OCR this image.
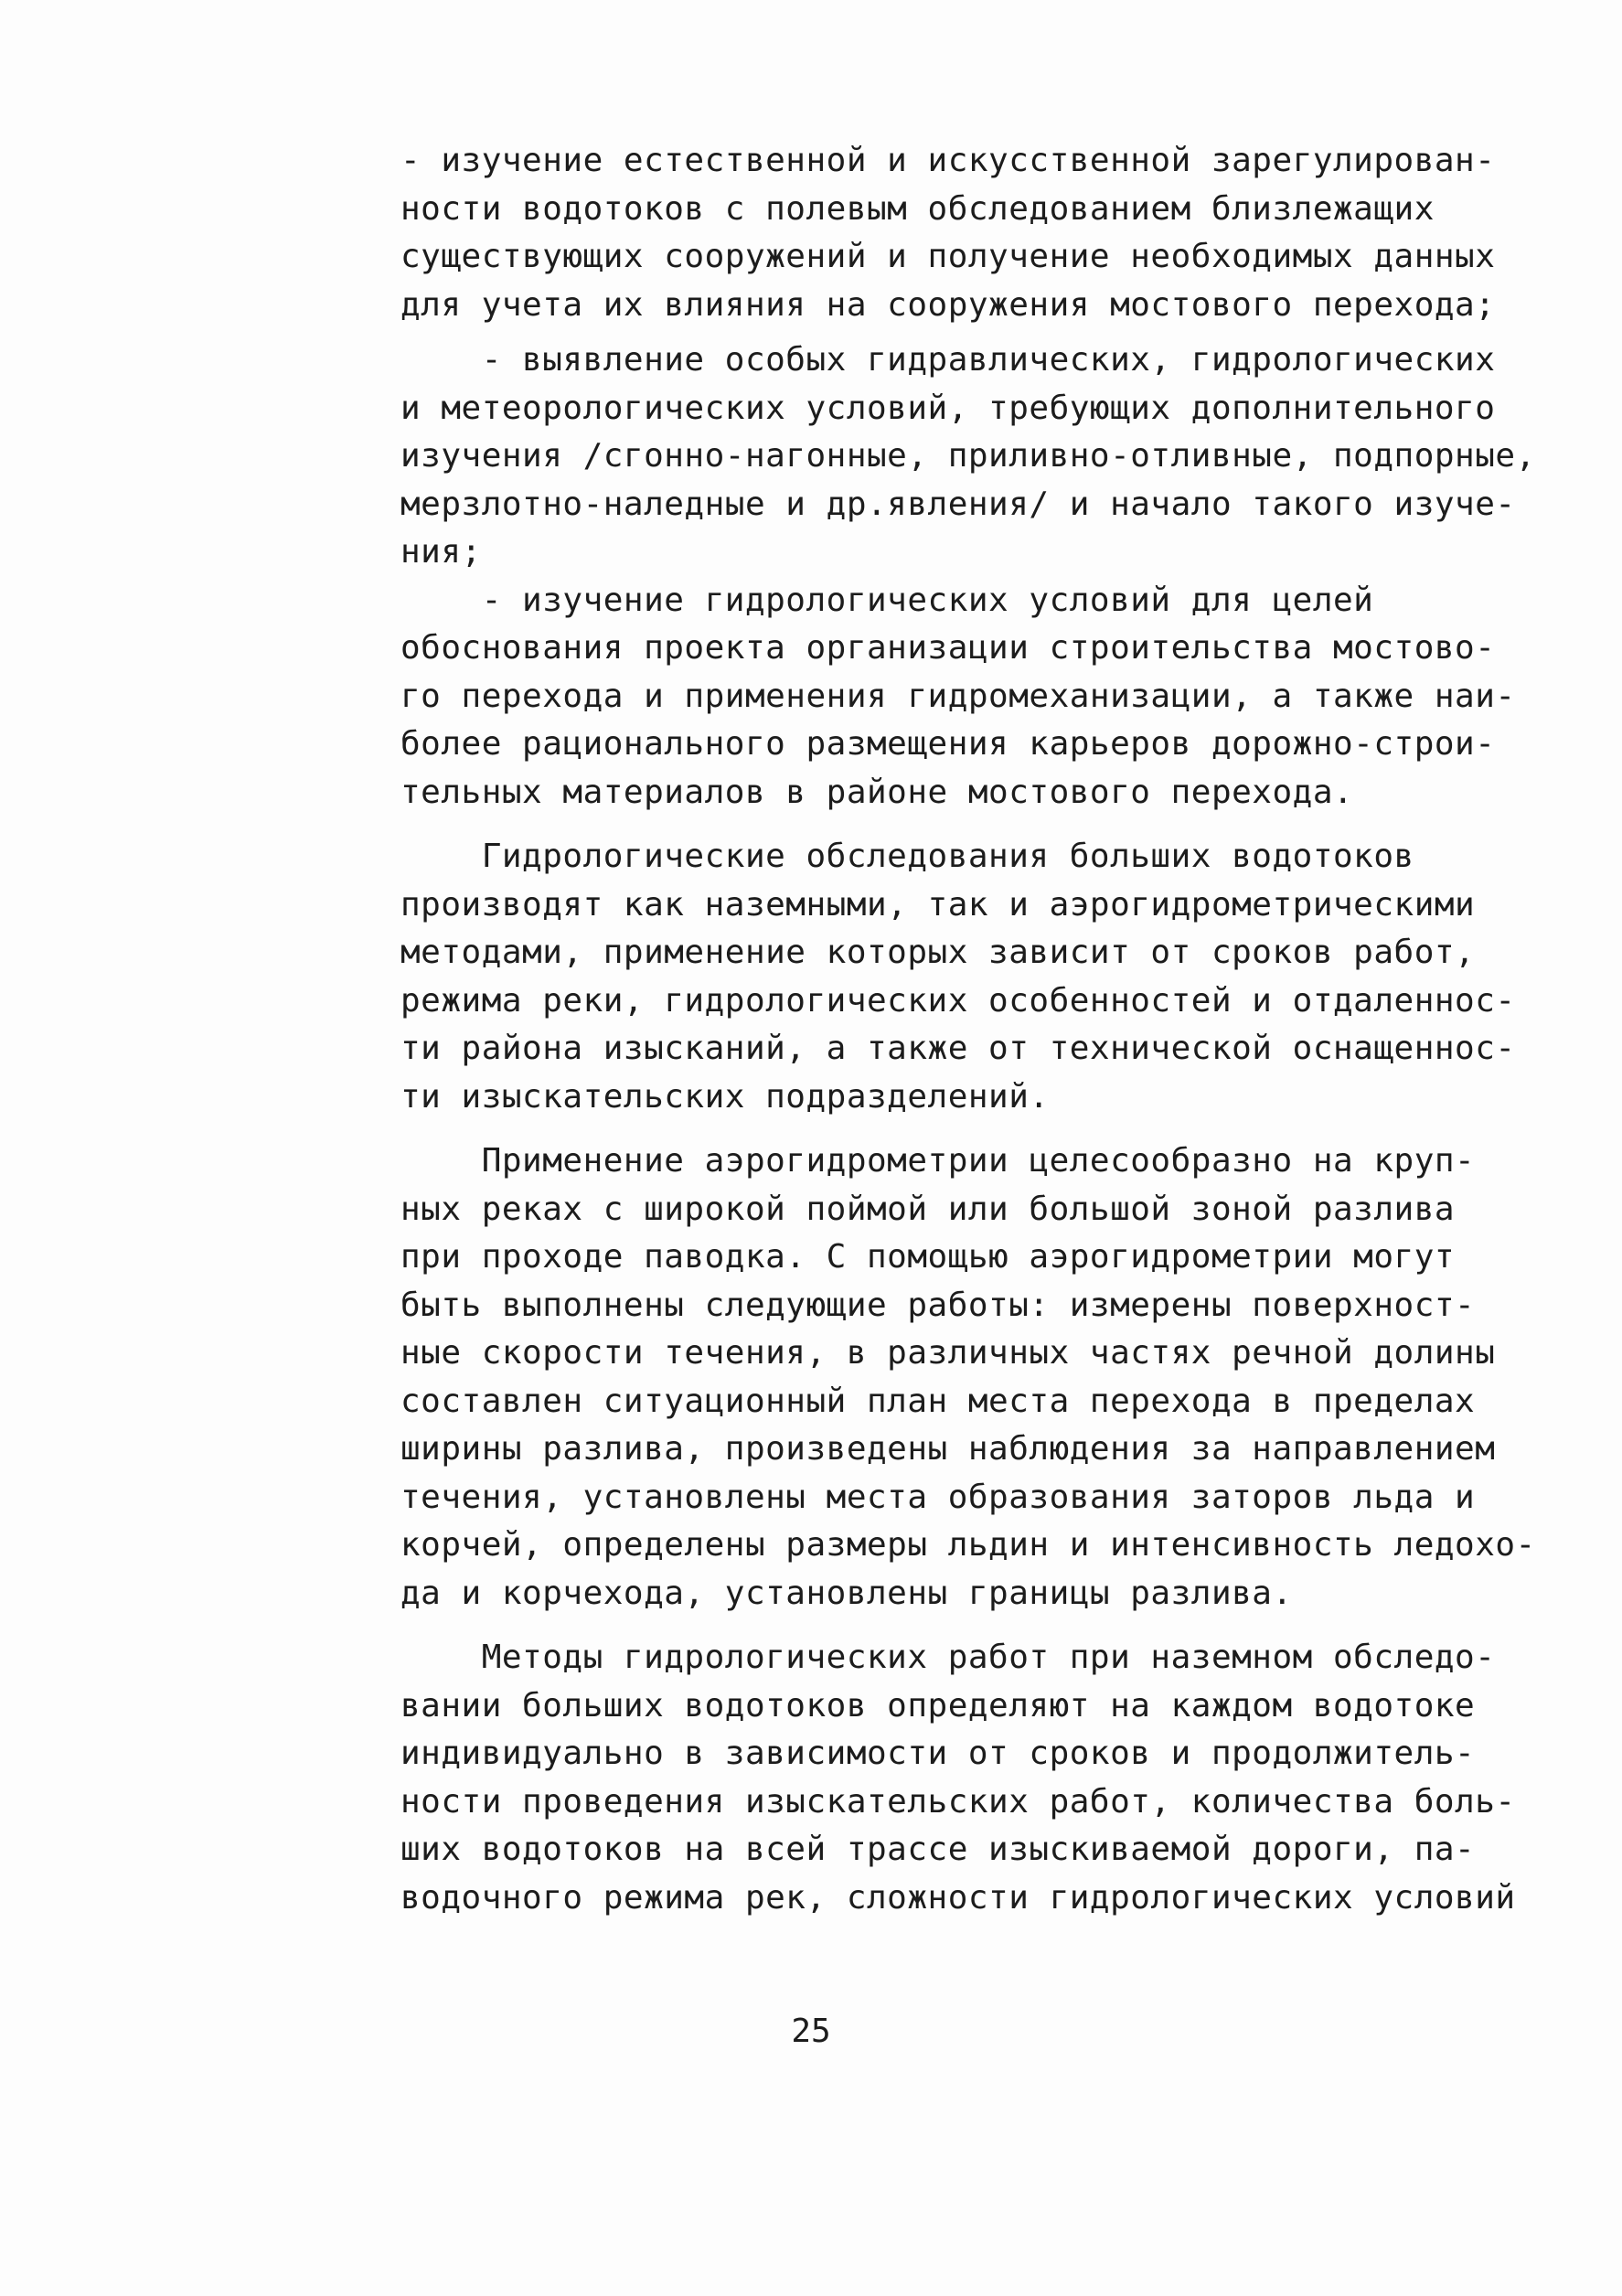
- изучение естественной и искусственной зарегулирован-
ности водотоков с полевым обследованием близлежащих
существующих сооружений и получение необходимых данных
для учета их влияния на сооружения мостового перехода;
- выявление особых гидравлических, гидрологических
и метеорологических условий, требующих дополнительного
изучения /сгонно-нагонные, приливно-отливные, подпорные,
мерзлотно-наледные и др.явления/ и начало такого изуче-
ния;
- изучение гидрологических условий для целей
обоснования проекта организации строительства мостово-
го перехода и применения гидромеханизации, а также наи-
более рационального размещения карьеров дорожно-строи-
тельных материалов в районе мостового перехода.
Гидрологические обследования больших водотоков
производят как наземными, так и аэрогидрометрическими
методами, применение которых зависит от сроков работ,
режима реки, гидрологических особенностей и отдаленнос-
ти района изысканий, а также от технической оснащеннос-
ти изыскательских подразделений.
Применение аэрогидрометрии целесообразно на круп-
ных реках с широкой поймой или большой зоной разлива
при проходе паводка. С помощью аэрогидрометрии могут
быть выполнены следующие работы: измерены поверхност-
ные скорости течения, в различных частях речной долины
составлен ситуационный план места перехода в пределах
ширины разлива, произведены наблюдения за направлением
течения, установлены места образования заторов льда и
корчей, определены размеры льдин и интенсивность ледохо-
да и корчехода, установлены границы разлива.
Методы гидрологических работ при наземном обследо-
вании больших водотоков определяют на каждом водотоке
индивидуально в зависимости от сроков и продолжитель-
ности проведения изыскательских работ, количества боль-
ших водотоков на всей трассе изыскиваемой дороги, па-
водочного режима рек, сложности гидрологических условий
25
